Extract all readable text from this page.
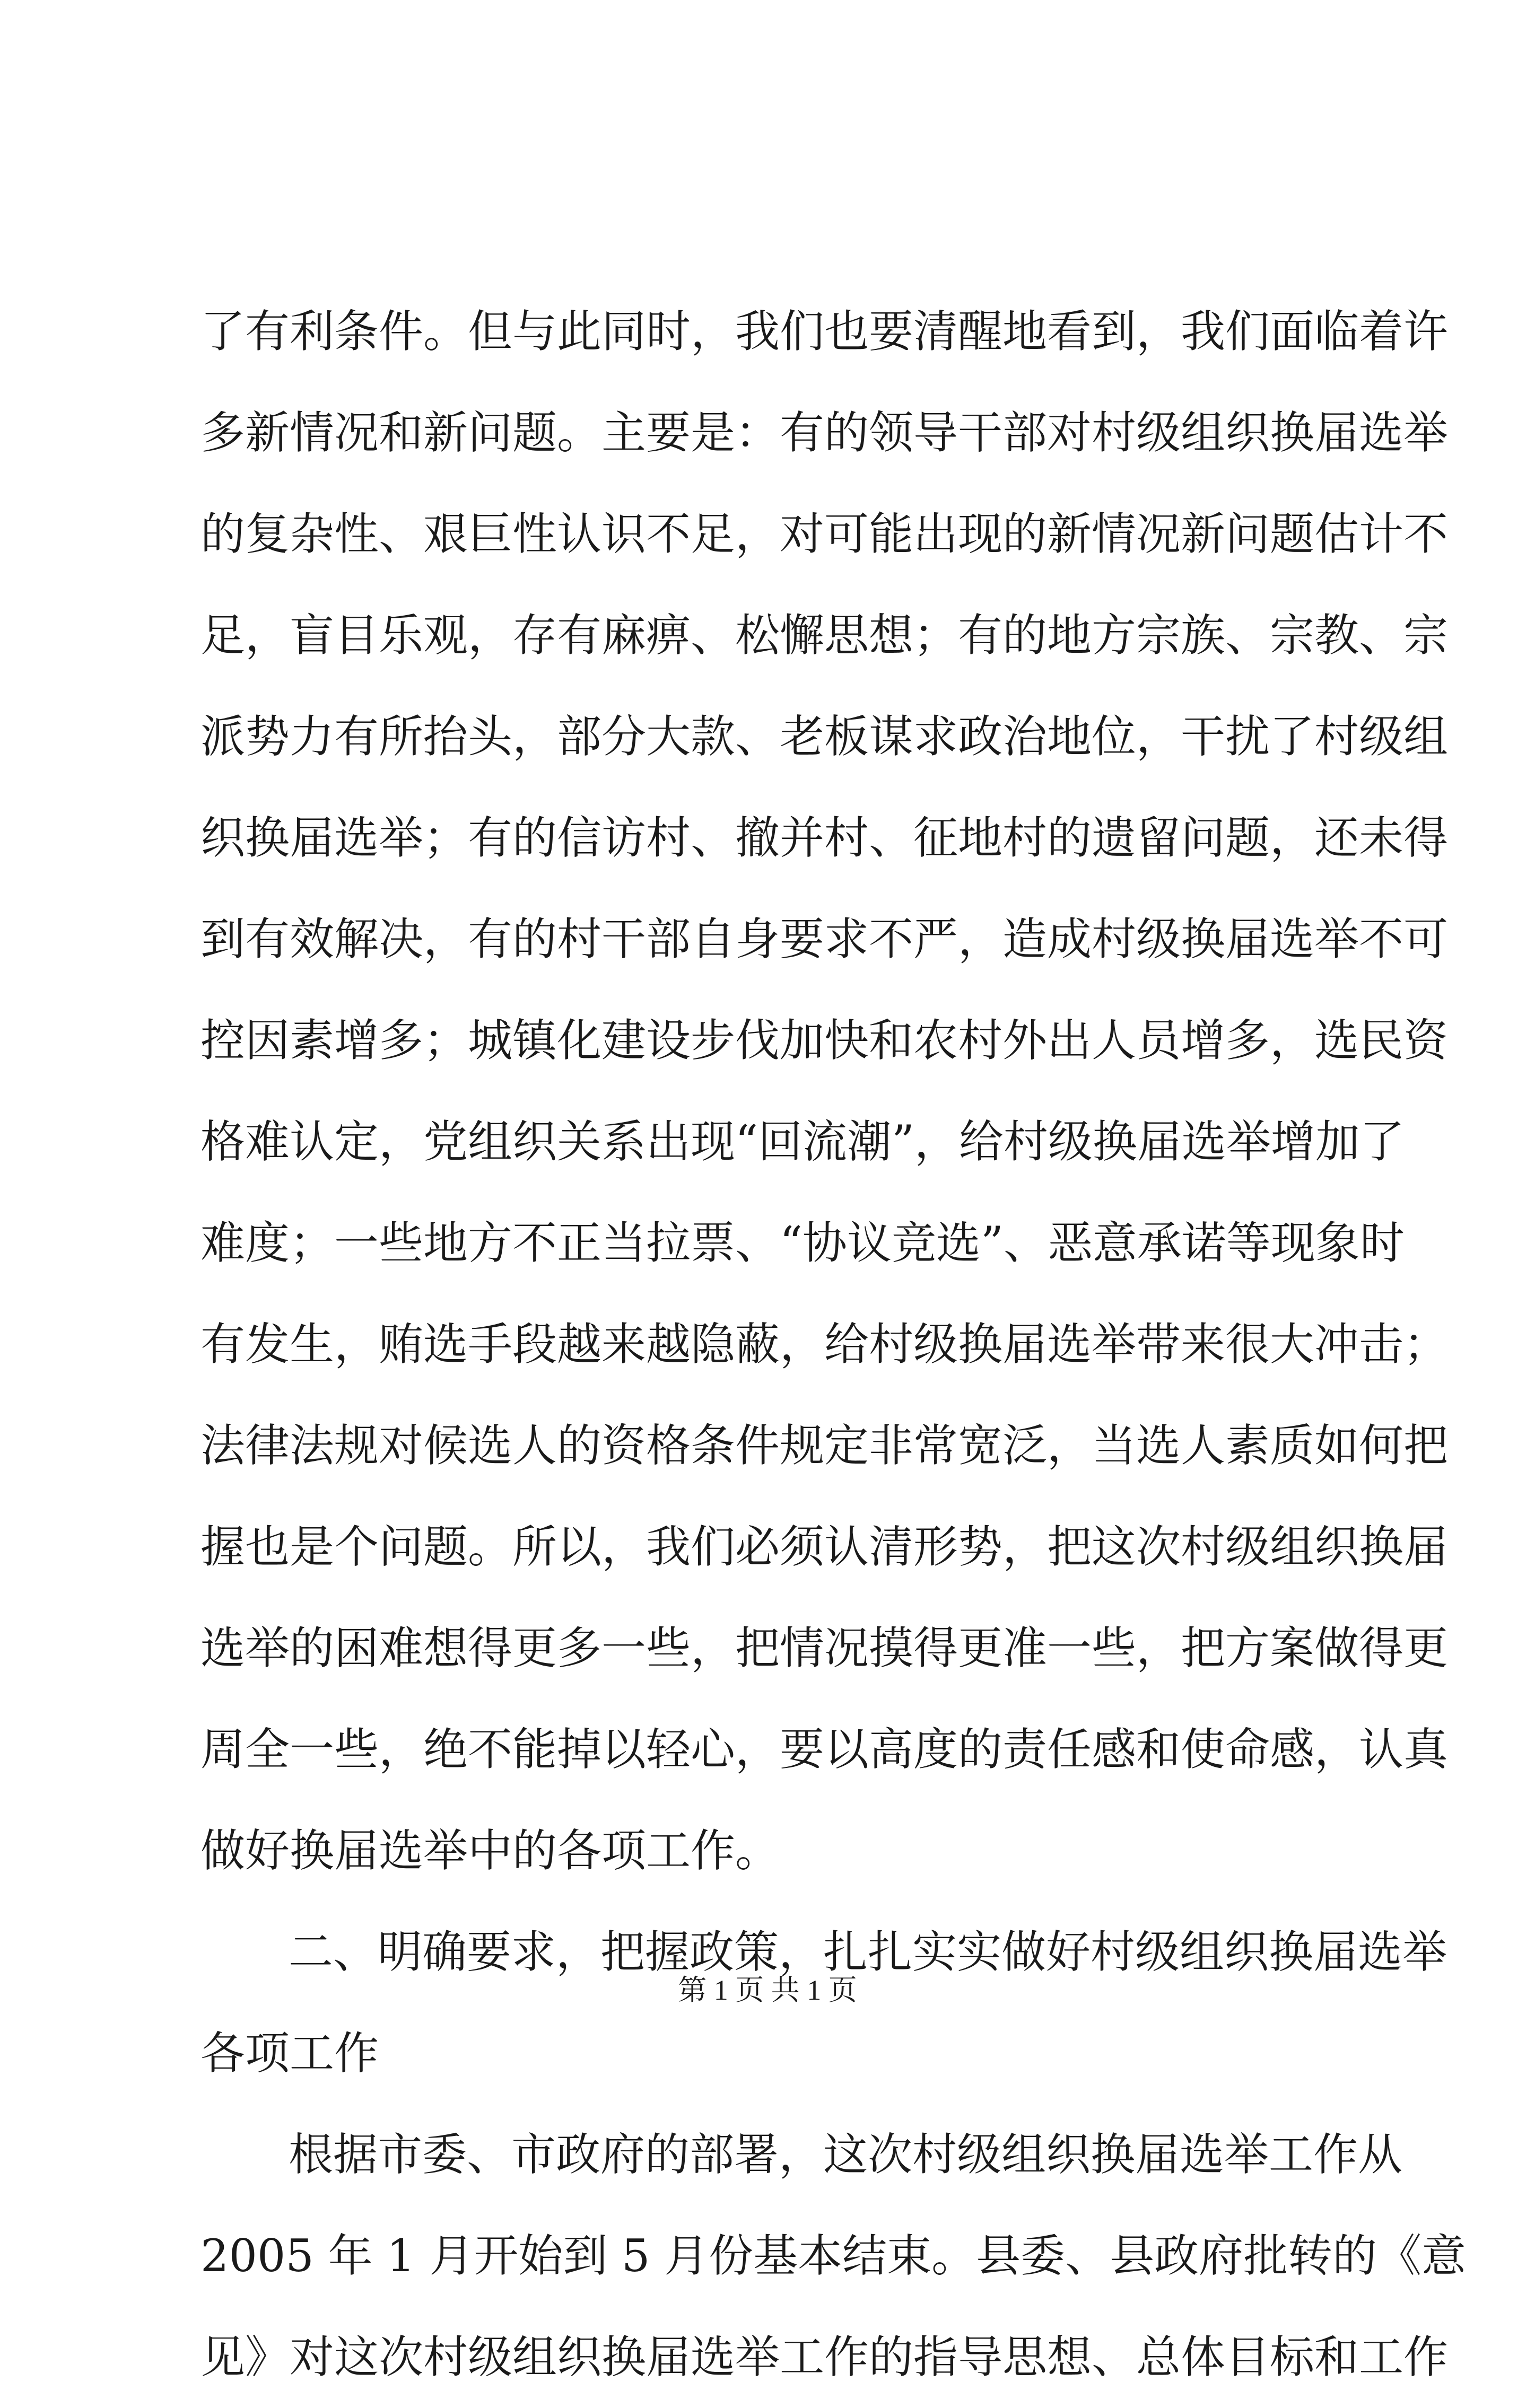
了有利条件。但与此同时，我们也要清醒地看到，我们面临着许
多新情况和新问题。主要是：有的领导干部对村级组织换届选举
的复杂性、艰巨性认识不足，对可能出现的新情况新问题估计不
足，盲目乐观，存有麻痹、松懈思想；有的地方宗族、宗教、宗
派势力有所抬头，部分大款、老板谋求政治地位，干扰了村级组
织换届选举；有的信访村、撤并村、征地村的遗留问题，还未得
到有效解决，有的村干部自身要求不严，造成村级换届选举不可
控因素增多；城镇化建设步伐加快和农村外出人员增多，选民资
格难认定，党组织关系出现“回流潮”，给村级换届选举增加了
难度；一些地方不正当拉票、“协议竞选”、恶意承诺等现象时
有发生，贿选手段越来越隐蔽，给村级换届选举带来很大冲击；
法律法规对候选人的资格条件规定非常宽泛，当选人素质如何把
握也是个问题。所以，我们必须认清形势，把这次村级组织换届
选举的困难想得更多一些，把情况摸得更准一些，把方案做得更
周全一些，绝不能掉以轻心，要以高度的责任感和使命感，认真
做好换届选举中的各项工作。
二、明确要求，把握政策，扎扎实实做好村级组织换届选举
各项工作
根据市委、市政府的部署，这次村级组织换届选举工作从
2005 年 1 月开始到 5 月份基本结束。县委、县政府批转的《意
见》对这次村级组织换届选举工作的指导思想、总体目标和工作
第 1 页 共 1 页
